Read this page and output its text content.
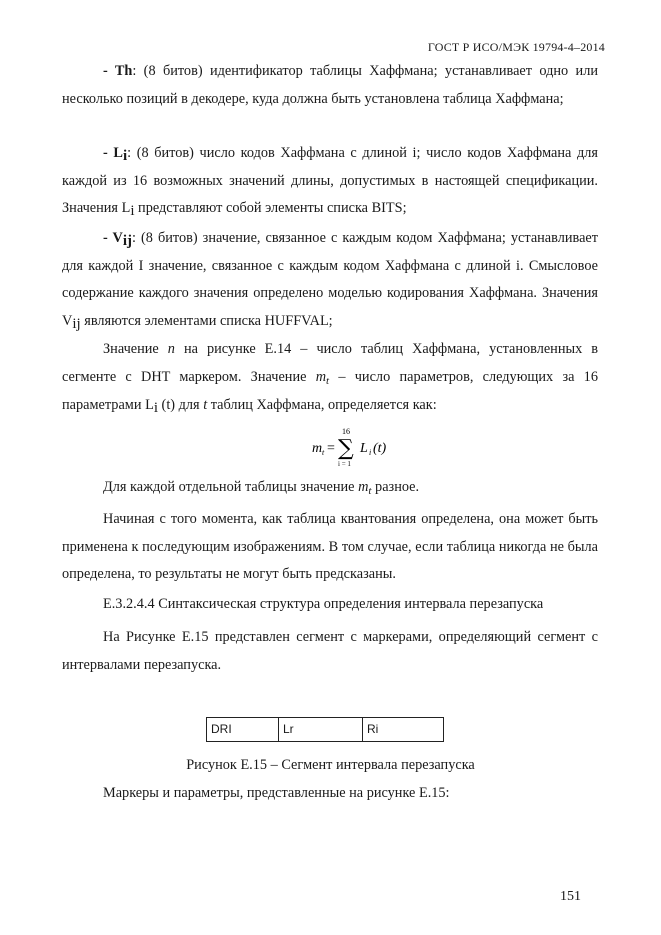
ГОСТ Р ИСО/МЭК 19794-4–2014

- Th: (8 битов) идентификатор таблицы Хаффмана; устанавливает одно или несколько позиций в декодере, куда должна быть установлена таблица Хаффмана;

- Li: (8 битов) число кодов Хаффмана с длиной i; число кодов Хаффмана для каждой из 16 возможных значений длины, допустимых в настоящей спецификации. Значения Li представляют собой элементы списка BITS;

- Vij: (8 битов) значение, связанное с каждым кодом Хаффмана; устанавливает для каждой I значение, связанное с каждым кодом Хаффмана с длиной i. Смысловое содержание каждого значения определено моделью кодирования Хаффмана. Значения Vij являются элементами списка HUFFVAL;

Значение n на рисунке E.14 – число таблиц Хаффмана, установленных в сегменте с DHT маркером. Значение $m_t$ – число параметров, следующих за 16 параметрами Li (t) для t таблиц Хаффмана, определяется как:

m t =
16
∑
i = 1
L i (t)

Для каждой отдельной таблицы значение $m_t$ разное.

Начиная с того момента, как таблица квантования определена, она может быть применена к последующим изображениям. В том случае, если таблица никогда не была определена, то результаты не могут быть предсказаны.

E.3.2.4.4 Синтаксическая структура определения интервала перезапуска

На Рисунке Е.15 представлен сегмент с маркерами, определяющий сегмент с интервалами перезапуска.

DRI	Lr	Ri
Рисунок E.15 – Сегмент интервала перезапуска

Маркеры и параметры, представленные на рисунке E.15:

151
